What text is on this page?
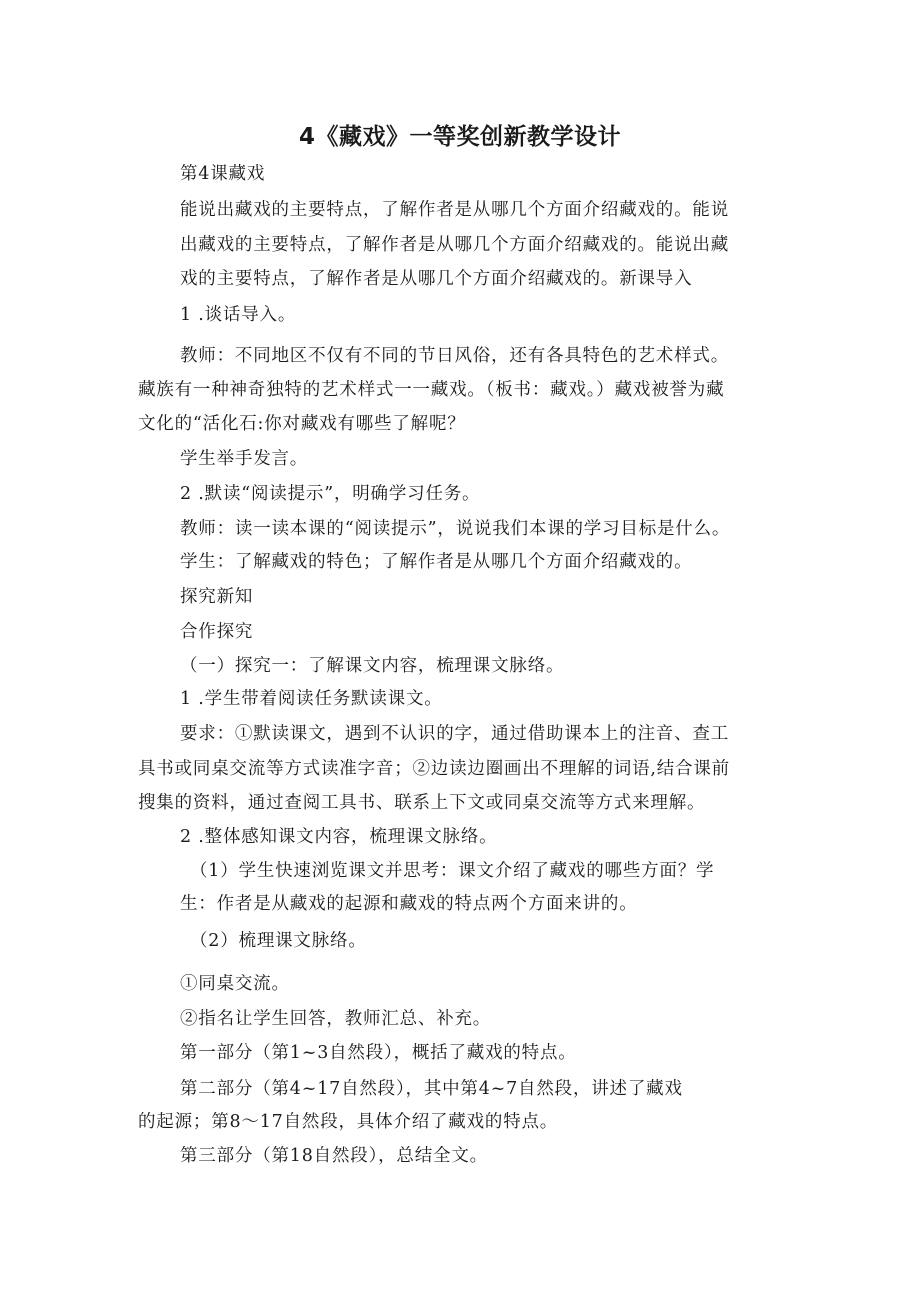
4《藏戏》一等奖创新教学设计
第4课藏戏
能说出藏戏的主要特点，了解作者是从哪几个方面介绍藏戏的。能说
出藏戏的主要特点，了解作者是从哪几个方面介绍藏戏的。能说出藏
戏的主要特点，了解作者是从哪几个方面介绍藏戏的。新课导入
1 .谈话导入。
教师：不同地区不仅有不同的节日风俗，还有各具特色的艺术样式。
藏族有一种神奇独特的艺术样式一一藏戏。（板书：藏戏。）藏戏被誉为藏
文化的“活化石:你对藏戏有哪些了解呢？
学生举手发言。
2 .默读“阅读提示”，明确学习任务。
教师：读一读本课的“阅读提示”，说说我们本课的学习目标是什么。
学生：了解藏戏的特色；了解作者是从哪几个方面介绍藏戏的。
探究新知
合作探究
（一）探究一：了解课文内容，梳理课文脉络。
1 .学生带着阅读任务默读课文。
要求：①默读课文，遇到不认识的字，通过借助课本上的注音、查工
具书或同桌交流等方式读准字音；②边读边圈画出不理解的词语,结合课前
搜集的资料，通过查阅工具书、联系上下文或同桌交流等方式来理解。
2 .整体感知课文内容，梳理课文脉络。
（1）学生快速浏览课文并思考：课文介绍了藏戏的哪些方面？学
生：作者是从藏戏的起源和藏戏的特点两个方面来讲的。
（2）梳理课文脉络。
①同桌交流。
②指名让学生回答，教师汇总、补充。
第一部分（第1~3自然段），概括了藏戏的特点。
第二部分（第4~17自然段），其中第4~7自然段，讲述了藏戏
的起源；第8～17自然段，具体介绍了藏戏的特点。
第三部分（第18自然段），总结全文。
